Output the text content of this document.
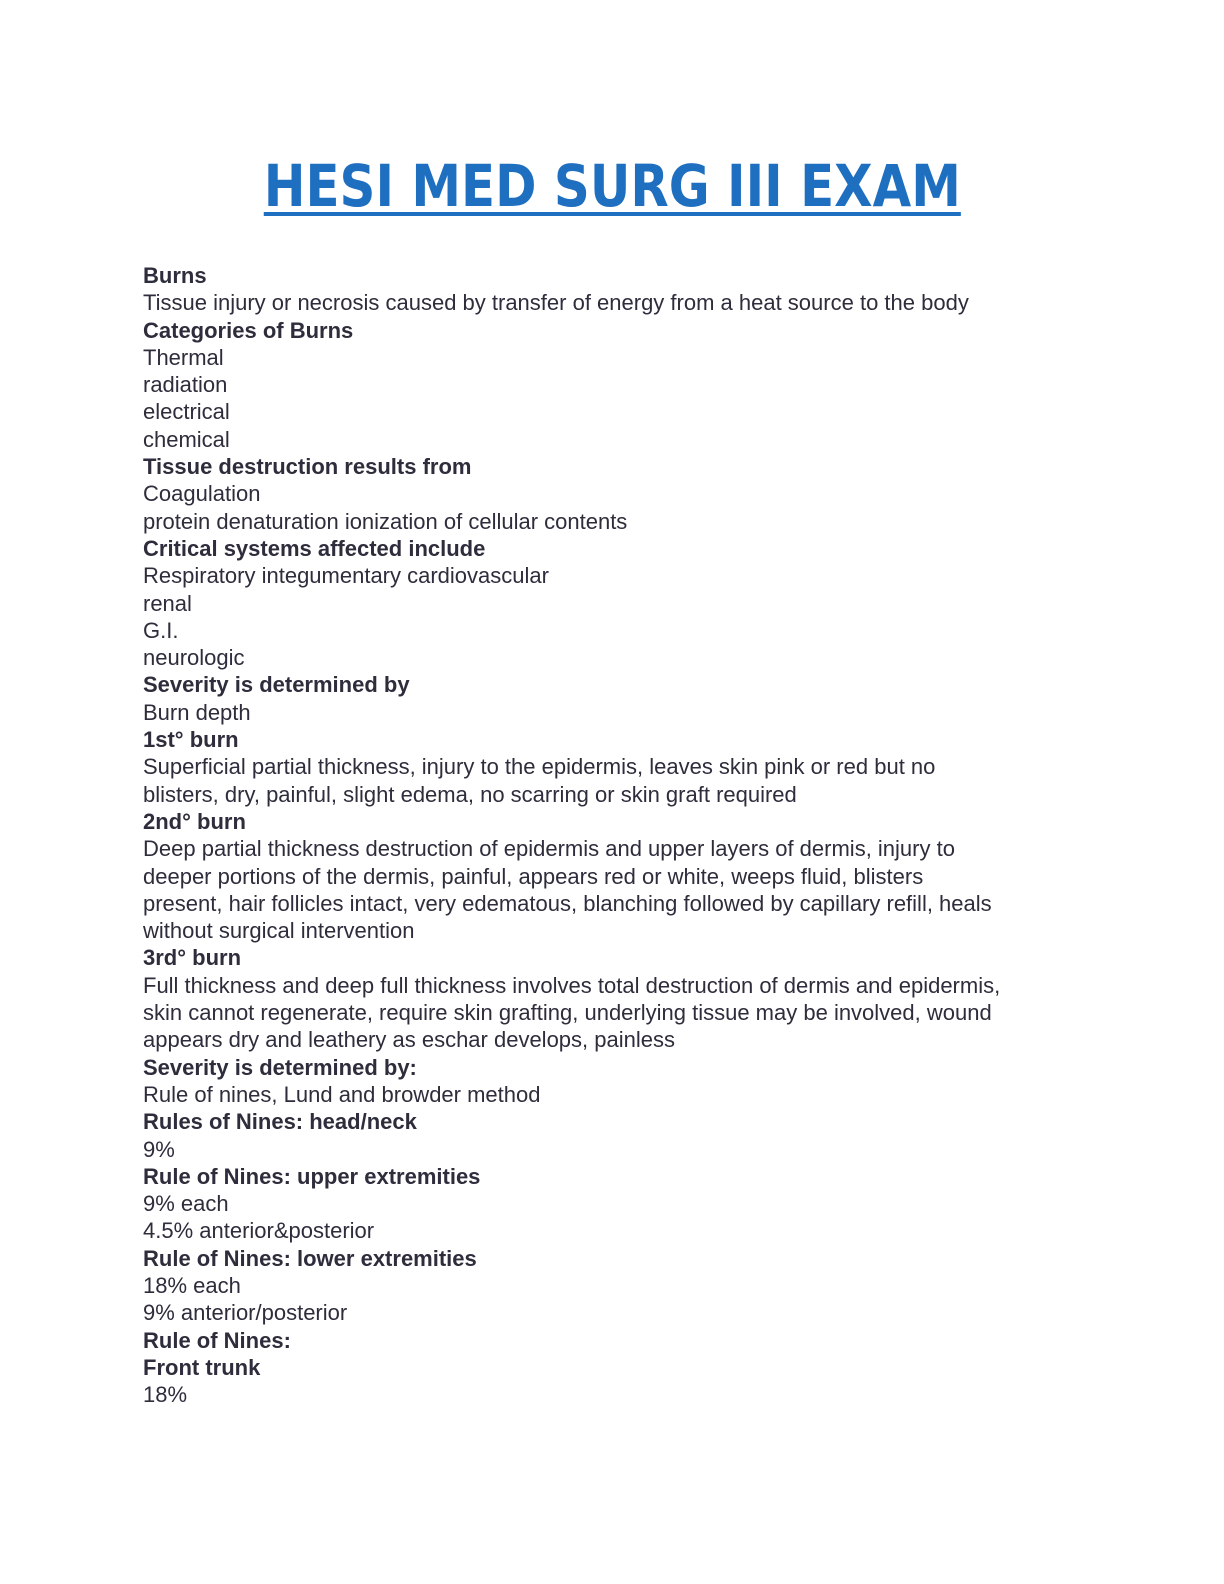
HESI MED SURG III EXAM

Burns

Tissue injury or necrosis caused by transfer of energy from a heat source to the body

Categories of Burns

Thermal

radiation

electrical

chemical

Tissue destruction results from

Coagulation

protein denaturation ionization of cellular contents

Critical systems affected include

Respiratory integumentary cardiovascular

renal

G.I.

neurologic

Severity is determined by

Burn depth

1st° burn

Superficial partial thickness, injury to the epidermis, leaves skin pink or red but no

blisters, dry, painful, slight edema, no scarring or skin graft required

2nd° burn

Deep partial thickness destruction of epidermis and upper layers of dermis, injury to

deeper portions of the dermis, painful, appears red or white, weeps fluid, blisters

present, hair follicles intact, very edematous, blanching followed by capillary refill, heals

without surgical intervention

3rd° burn

Full thickness and deep full thickness involves total destruction of dermis and epidermis,

skin cannot regenerate, require skin grafting, underlying tissue may be involved, wound

appears dry and leathery as eschar develops, painless

Severity is determined by:

Rule of nines, Lund and browder method

Rules of Nines: head/neck

9%

Rule of Nines: upper extremities

9% each

4.5% anterior&posterior

Rule of Nines: lower extremities

18% each

9% anterior/posterior

Rule of Nines:

Front trunk

18%
